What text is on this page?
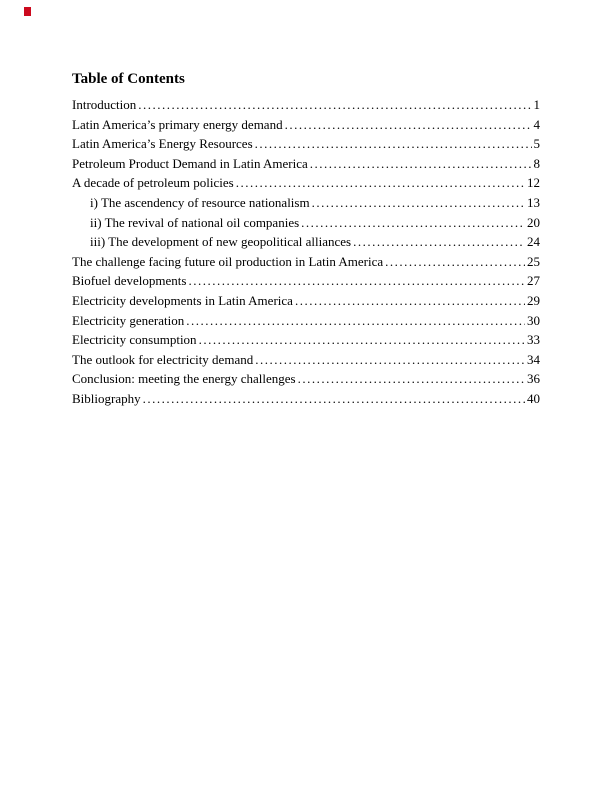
Table of Contents
Introduction .....	1
Latin America’s primary energy demand .....	4
Latin America’s Energy Resources .....	5
Petroleum Product Demand in Latin America .....	8
A decade of petroleum policies .....	12
i) The ascendency of resource nationalism .....	13
ii) The revival of national oil companies .....	20
iii) The development of new geopolitical alliances .....	24
The challenge facing future oil production in Latin America .....	25
Biofuel developments .....	27
Electricity developments in Latin America .....	29
Electricity generation .....	30
Electricity consumption .....	33
The outlook for electricity demand .....	34
Conclusion: meeting the energy challenges .....	36
Bibliography .....	40
